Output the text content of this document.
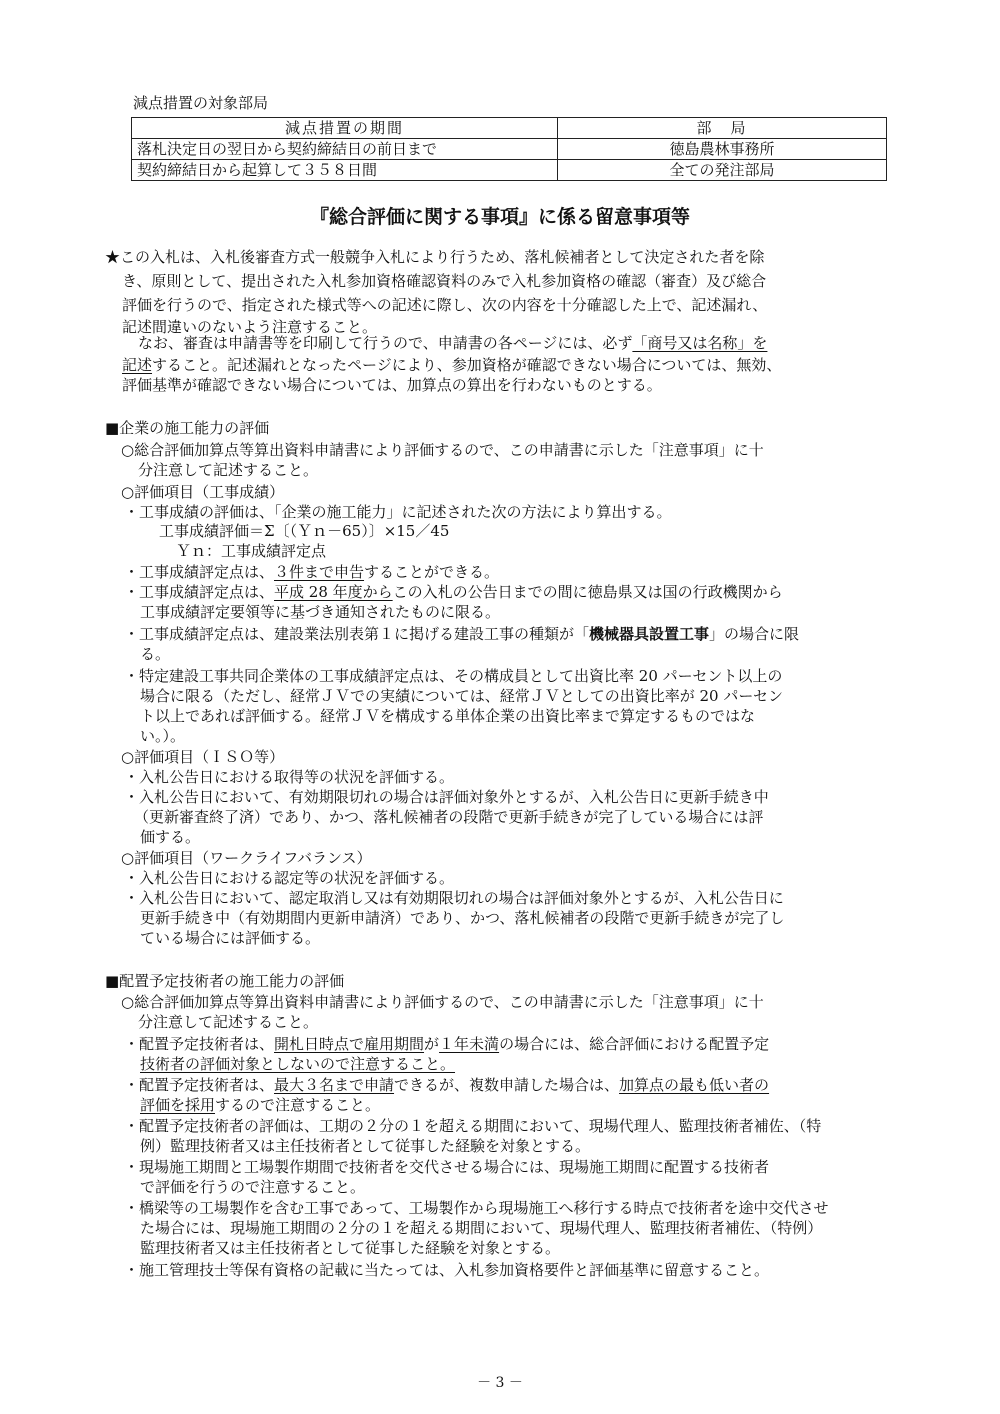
減点措置の対象部局
減点措置の期間	部　局
落札決定日の翌日から契約締結日の前日まで	徳島農林事務所
契約締結日から起算して３５８日間	全ての発注部局
『総合評価に関する事項』に係る留意事項等
★この入札は、入札後審査方式一般競争入札により行うため、落札候補者として決定された者を除
き、原則として、提出された入札参加資格確認資料のみで入札参加資格の確認（審査）及び総合
評価を行うので、指定された様式等への記述に際し、次の内容を十分確認した上で、記述漏れ、
記述間違いのないよう注意すること。
なお、審査は申請書等を印刷して行うので、申請書の各ページには、必ず「商号又は名称」を
記述すること。記述漏れとなったページにより、参加資格が確認できない場合については、無効、
評価基準が確認できない場合については、加算点の算出を行わないものとする。
■企業の施工能力の評価
○総合評価加算点等算出資料申請書により評価するので、この申請書に示した「注意事項」に十
分注意して記述すること。
○評価項目（工事成績）
・工事成績の評価は、「企業の施工能力」に記述された次の方法により算出する。
工事成績評価＝Σ〔（Ｙｎ－65）〕×15／45
Ｙｎ：工事成績評定点
・工事成績評定点は、３件まで申告することができる。
・工事成績評定点は、平成 28 年度からこの入札の公告日までの間に徳島県又は国の行政機関から
工事成績評定要領等に基づき通知されたものに限る。
・工事成績評定点は、建設業法別表第１に掲げる建設工事の種類が「機械器具設置工事」の場合に限
る。
・特定建設工事共同企業体の工事成績評定点は、その構成員として出資比率 20 パーセント以上の
場合に限る（ただし、経常ＪＶでの実績については、経常ＪＶとしての出資比率が 20 パーセン
ト以上であれば評価する。経常ＪＶを構成する単体企業の出資比率まで算定するものではな
い。）。
○評価項目（ＩＳＯ等）
・入札公告日における取得等の状況を評価する。
・入札公告日において、有効期限切れの場合は評価対象外とするが、入札公告日に更新手続き中
（更新審査終了済）であり、かつ、落札候補者の段階で更新手続きが完了している場合には評
価する。
○評価項目（ワークライフバランス）
・入札公告日における認定等の状況を評価する。
・入札公告日において、認定取消し又は有効期限切れの場合は評価対象外とするが、入札公告日に
更新手続き中（有効期間内更新申請済）であり、かつ、落札候補者の段階で更新手続きが完了し
ている場合には評価する。
■配置予定技術者の施工能力の評価
○総合評価加算点等算出資料申請書により評価するので、この申請書に示した「注意事項」に十
分注意して記述すること。
・配置予定技術者は、開札日時点で雇用期間が１年未満の場合には、総合評価における配置予定
技術者の評価対象としないので注意すること。
・配置予定技術者は、最大３名まで申請できるが、複数申請した場合は、加算点の最も低い者の
評価を採用するので注意すること。
・配置予定技術者の評価は、工期の２分の１を超える期間において、現場代理人、監理技術者補佐、（特
例）監理技術者又は主任技術者として従事した経験を対象とする。
・現場施工期間と工場製作期間で技術者を交代させる場合には、現場施工期間に配置する技術者
で評価を行うので注意すること。
・橋梁等の工場製作を含む工事であって、工場製作から現場施工へ移行する時点で技術者を途中交代させ
た場合には、現場施工期間の２分の１を超える期間において、現場代理人、監理技術者補佐、（特例）
監理技術者又は主任技術者として従事した経験を対象とする。
・施工管理技士等保有資格の記載に当たっては、入札参加資格要件と評価基準に留意すること。
－ 3 －
